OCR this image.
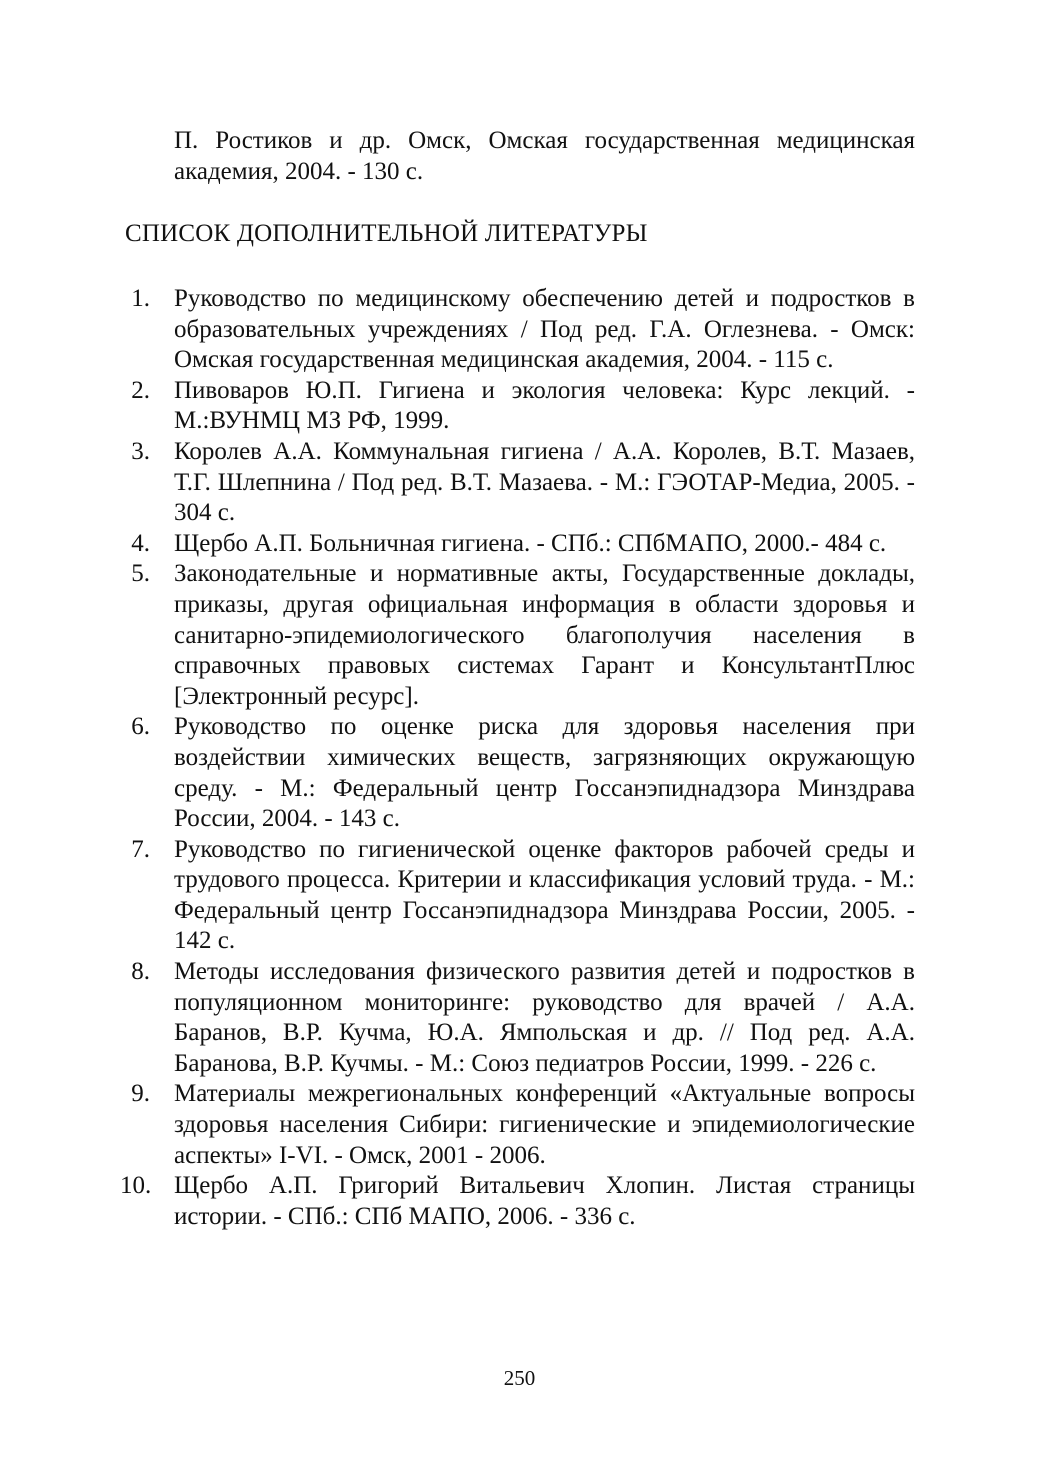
П. Ростиков и др. Омск, Омская государственная медицинская академия, 2004. - 130 с.

СПИСОК ДОПОЛНИТЕЛЬНОЙ ЛИТЕРАТУРЫ
1. Руководство по медицинскому обеспечению детей и подростков в образовательных учреждениях / Под ред. Г.А. Оглезнева. - Омск: Омская государственная медицинская академия, 2004. - 115 с.
2. Пивоваров Ю.П. Гигиена и экология человека: Курс лекций. - М.:ВУНМЦ МЗ РФ, 1999.
3. Королев А.А. Коммунальная гигиена / А.А. Королев, В.Т. Мазаев, Т.Г. Шлепнина / Под ред. В.Т. Мазаева. - М.: ГЭОТАР-Медиа, 2005. - 304 с.
4. Щербо А.П. Больничная гигиена. - СПб.: СПбМАПО, 2000.- 484 с.
5. Законодательные и нормативные акты, Государственные доклады, приказы, другая официальная информация в области здоровья и санитарно-эпидемиологического благополучия населения в справочных правовых системах Гарант и КонсультантПлюс [Электронный ресурс].
6. Руководство по оценке риска для здоровья населения при воздействии химических веществ, загрязняющих окружающую среду. - М.: Федеральный центр Госсанэпиднадзора Минздрава России, 2004. - 143 с.
7. Руководство по гигиенической оценке факторов рабочей среды и трудового процесса. Критерии и классификация условий труда. - М.: Федеральный центр Госсанэпиднадзора Минздрава России, 2005. - 142 с.
8. Методы исследования физического развития детей и подростков в популяционном мониторинге: руководство для врачей / А.А. Баранов, В.Р. Кучма, Ю.А. Ямпольская и др. // Под ред. А.А. Баранова, В.Р. Кучмы. - М.: Союз педиатров России, 1999. - 226 с.
9. Материалы межрегиональных конференций «Актуальные вопросы здоровья населения Сибири: гигиенические и эпидемиологические аспекты» I-VI. - Омск, 2001 - 2006.
10. Щербо А.П. Григорий Витальевич Хлопин. Листая страницы истории. - СПб.: СПб МАПО, 2006. - 336 с.

250
